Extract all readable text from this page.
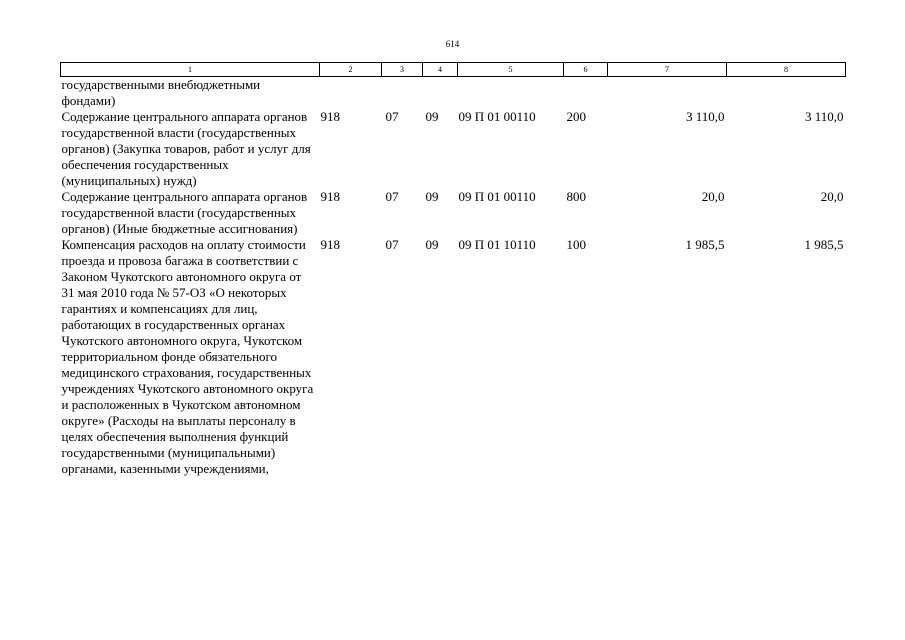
614
1	2	3	4	5	6	7	8
государственными внебюджетными фондами)							
Содержание центрального аппарата органов государственной власти (государственных органов) (Закупка товаров, работ и услуг для обеспечения государственных (муниципальных) нужд)	918	07	09	09 П 01 00110	200	3 110,0	3 110,0
Содержание центрального аппарата органов государственной власти (государственных органов) (Иные бюджетные ассигнования)	918	07	09	09 П 01 00110	800	20,0	20,0
Компенсация расходов на оплату стоимости проезда и провоза багажа в соответствии с Законом Чукотского автономного округа от 31 мая 2010 года № 57-ОЗ «О некоторых гарантиях и компенсациях для лиц, работающих в государственных органах Чукотского автономного округа, Чукотском территориальном фонде обязательного медицинского страхования, государственных учреждениях Чукотского автономного округа и расположенных в Чукотском автономном округе» (Расходы на выплаты персоналу в целях обеспечения выполнения функций государственными (муниципальными) органами, казенными учреждениями,	918	07	09	09 П 01 10110	100	1 985,5	1 985,5
